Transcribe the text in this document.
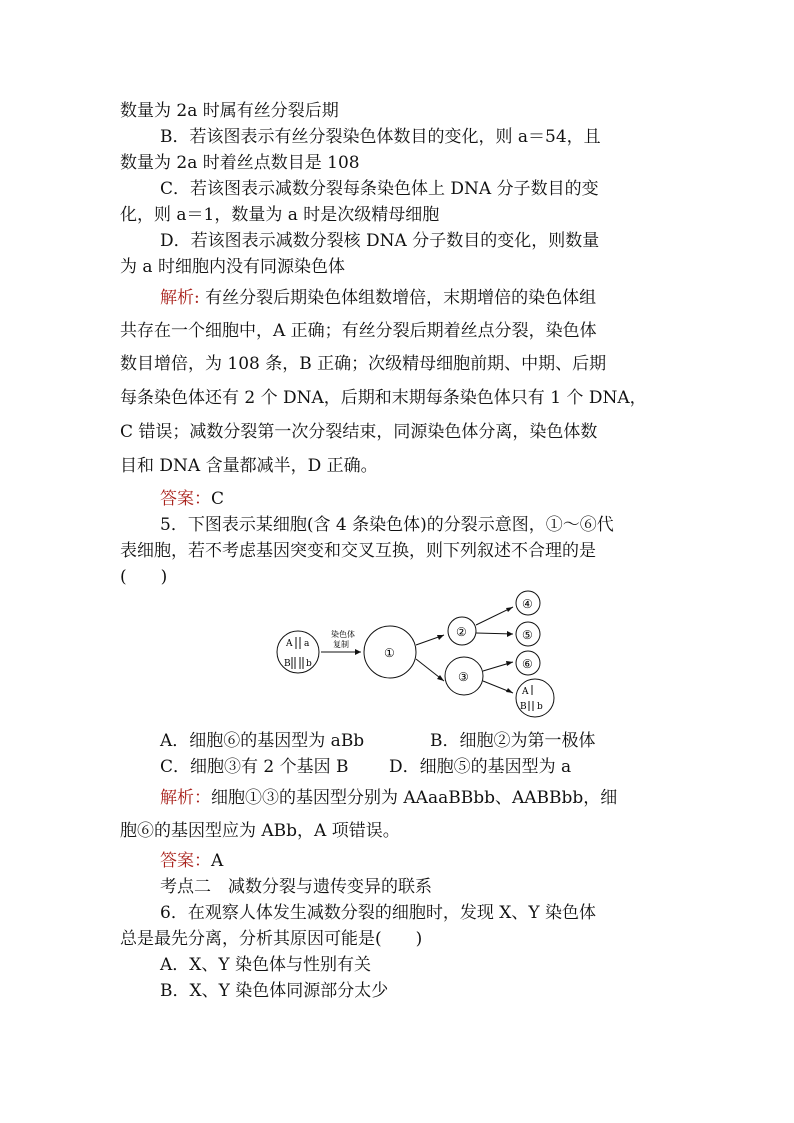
数量为 2a 时属有丝分裂后期
B．若该图表示有丝分裂染色体数目的变化，则 a＝54，且
数量为 2a 时着丝点数目是 108
C．若该图表示减数分裂每条染色体上 DNA 分子数目的变
化，则 a＝1，数量为 a 时是次级精母细胞
D．若该图表示减数分裂核 DNA 分子数目的变化，则数量
为 a 时细胞内没有同源染色体
解析: 有丝分裂后期染色体组数增倍，末期增倍的染色体组
共存在一个细胞中，A 正确；有丝分裂后期着丝点分裂，染色体
数目增倍，为 108 条，B 正确；次级精母细胞前期、中期、后期
每条染色体还有 2 个 DNA，后期和末期每条染色体只有 1 个 DNA，
C 错误；减数分裂第一次分裂结束，同源染色体分离，染色体数
目和 DNA 含量都减半，D 正确。
答案：C
5．下图表示某细胞(含 4 条染色体)的分裂示意图，①～⑥代
表细胞，若不考虑基因突变和交叉互换，则下列叙述不合理的是
(　　)
A a
B b
染色体
复制
A
B b
①
②
③
④
⑤
⑥
A．细胞⑥的基因型为 aBb	B．细胞②为第一极体
C．细胞③有 2 个基因 B D．细胞⑤的基因型为 a
解析：细胞①③的基因型分别为 AAaaBBbb、AABBbb，细
胞⑥的基因型应为 ABb，A 项错误。
答案：A
考点二　减数分裂与遗传变异的联系
6．在观察人体发生减数分裂的细胞时，发现 X、Y 染色体
总是最先分离，分析其原因可能是(　　)
A．X、Y 染色体与性别有关
B．X、Y 染色体同源部分太少
